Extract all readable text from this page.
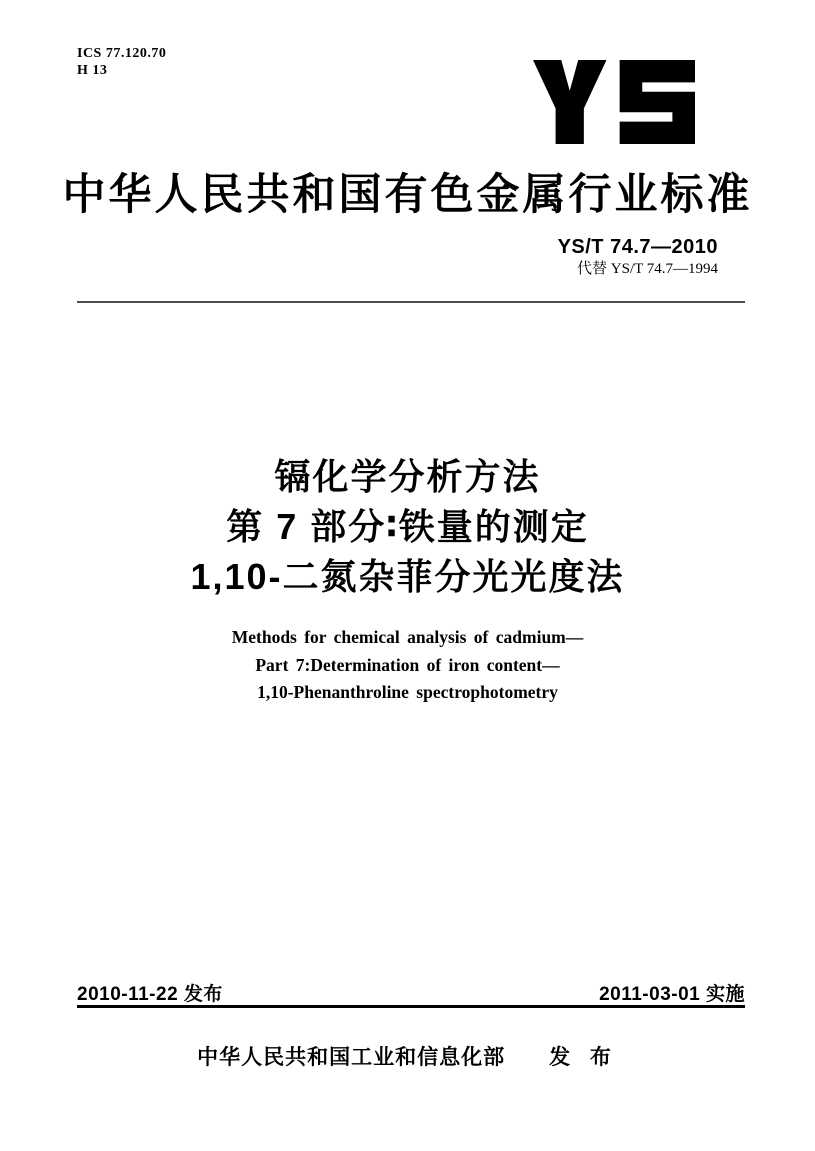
ICS 77.120.70
H 13
中华人民共和国有色金属行业标准
YS/T 74.7—2010
代替 YS/T 74.7—1994
镉化学分析方法
第 7 部分∶铁量的测定
1,10-二氮杂菲分光光度法
Methods for chemical analysis of cadmium—
Part 7:Determination of iron content—
1,10-Phenanthroline spectrophotometry
2010-11-22 发布	2011-03-01 实施
中华人民共和国工业和信息化部 发 布
